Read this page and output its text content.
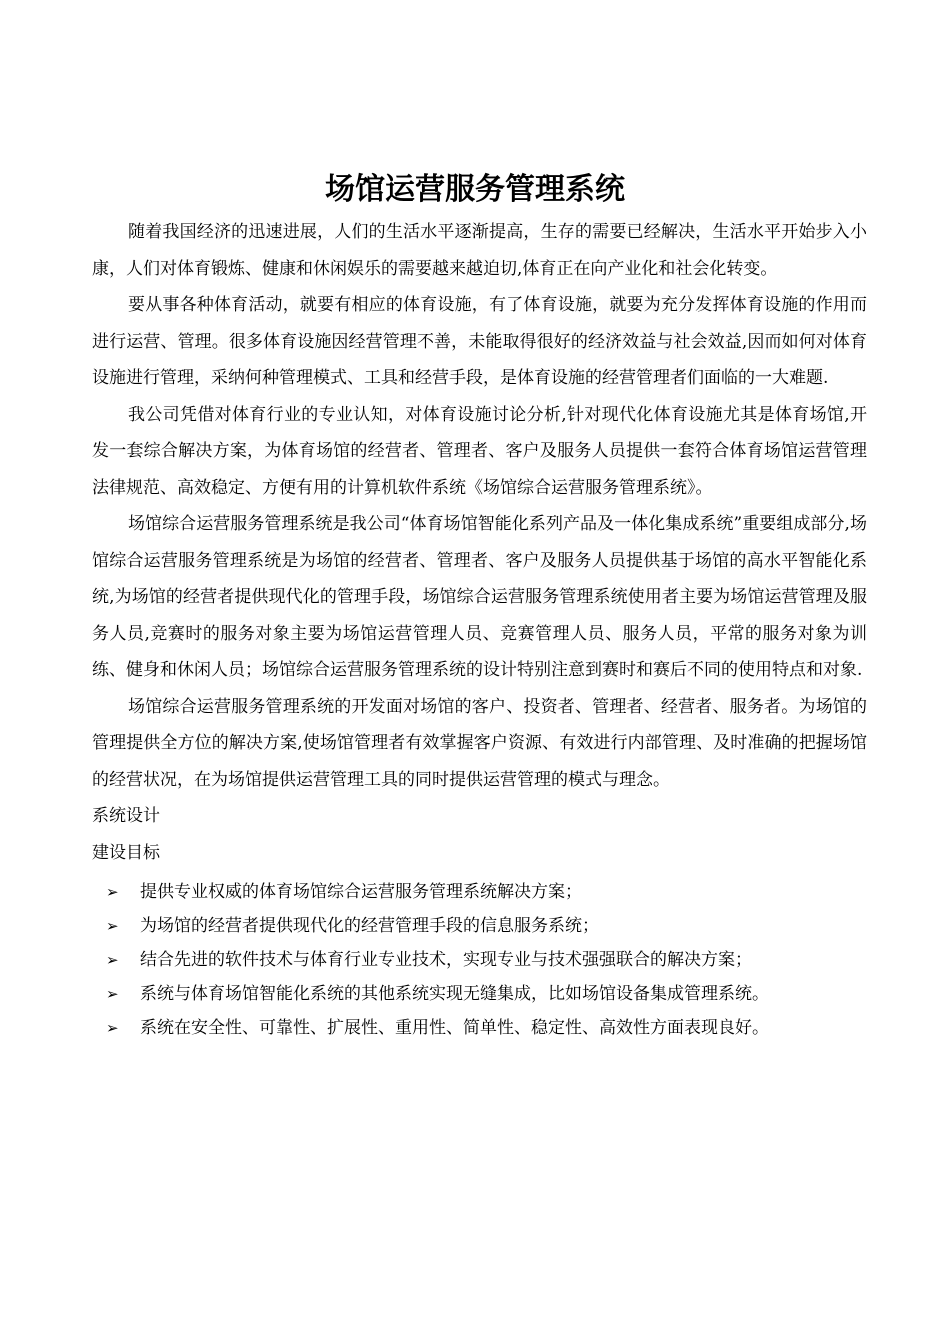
场馆运营服务管理系统

随着我国经济的迅速进展，人们的生活水平逐渐提高，生存的需要已经解决，生活水平开始步入小康，人们对体育锻炼、健康和休闲娱乐的需要越来越迫切,体育正在向产业化和社会化转变。

要从事各种体育活动，就要有相应的体育设施，有了体育设施，就要为充分发挥体育设施的作用而进行运营、管理。很多体育设施因经营管理不善，未能取得很好的经济效益与社会效益,因而如何对体育设施进行管理，采纳何种管理模式、工具和经营手段，是体育设施的经营管理者们面临的一大难题.

我公司凭借对体育行业的专业认知，对体育设施讨论分析,针对现代化体育设施尤其是体育场馆,开发一套综合解决方案，为体育场馆的经营者、管理者、客户及服务人员提供一套符合体育场馆运营管理法律规范、高效稳定、方便有用的计算机软件系统《场馆综合运营服务管理系统》。

场馆综合运营服务管理系统是我公司“体育场馆智能化系列产品及一体化集成系统”重要组成部分,场馆综合运营服务管理系统是为场馆的经营者、管理者、客户及服务人员提供基于场馆的高水平智能化系统,为场馆的经营者提供现代化的管理手段，场馆综合运营服务管理系统使用者主要为场馆运营管理及服务人员,竞赛时的服务对象主要为场馆运营管理人员、竞赛管理人员、服务人员，平常的服务对象为训练、健身和休闲人员；场馆综合运营服务管理系统的设计特别注意到赛时和赛后不同的使用特点和对象.

场馆综合运营服务管理系统的开发面对场馆的客户、投资者、管理者、经营者、服务者。为场馆的管理提供全方位的解决方案,使场馆管理者有效掌握客户资源、有效进行内部管理、及时准确的把握场馆的经营状况，在为场馆提供运营管理工具的同时提供运营管理的模式与理念。

系统设计

建设目标

➢ 提供专业权威的体育场馆综合运营服务管理系统解决方案；
➢ 为场馆的经营者提供现代化的经营管理手段的信息服务系统；
➢ 结合先进的软件技术与体育行业专业技术，实现专业与技术强强联合的解决方案；
➢ 系统与体育场馆智能化系统的其他系统实现无缝集成，比如场馆设备集成管理系统。
➢ 系统在安全性、可靠性、扩展性、重用性、简单性、稳定性、高效性方面表现良好。
